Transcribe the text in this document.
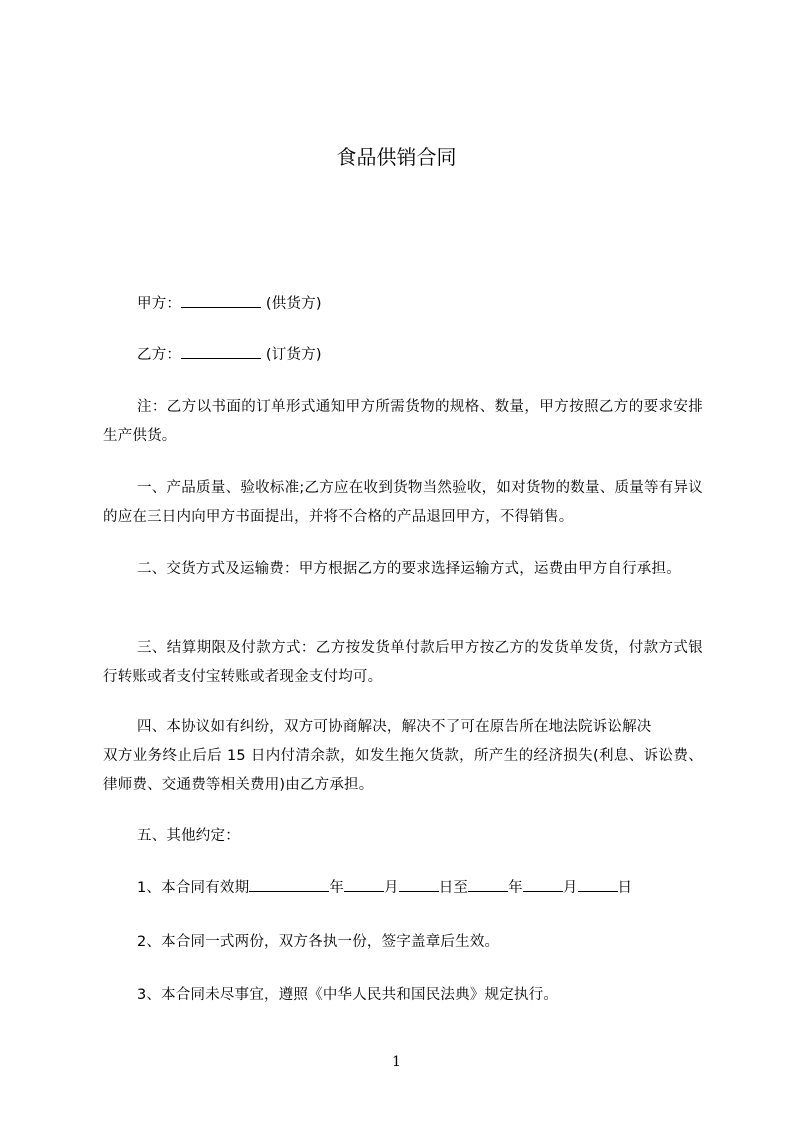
食品供销合同
甲方：	(供货方)
乙方：	(订货方)
注：乙方以书面的订单形式通知甲方所需货物的规格、数量，甲方按照乙方的要求安排生产供货。
一、产品质量、验收标准;乙方应在收到货物当然验收，如对货物的数量、质量等有异议的应在三日内向甲方书面提出，并将不合格的产品退回甲方，不得销售。
二、交货方式及运输费：甲方根据乙方的要求选择运输方式，运费由甲方自行承担。
三、结算期限及付款方式：乙方按发货单付款后甲方按乙方的发货单发货，付款方式银行转账或者支付宝转账或者现金支付均可。
四、本协议如有纠纷，双方可协商解决，解决不了可在原告所在地法院诉讼解决
双方业务终止后后 15 日内付清余款，如发生拖欠货款，所产生的经济损失(利息、诉讼费、律师费、交通费等相关费用)由乙方承担。
五、其他约定：
1、本合同有效期	年	月	日至	年	月	日
2、本合同一式两份，双方各执一份，签字盖章后生效。
3、本合同未尽事宜，遵照《中华人民共和国民法典》规定执行。
1
